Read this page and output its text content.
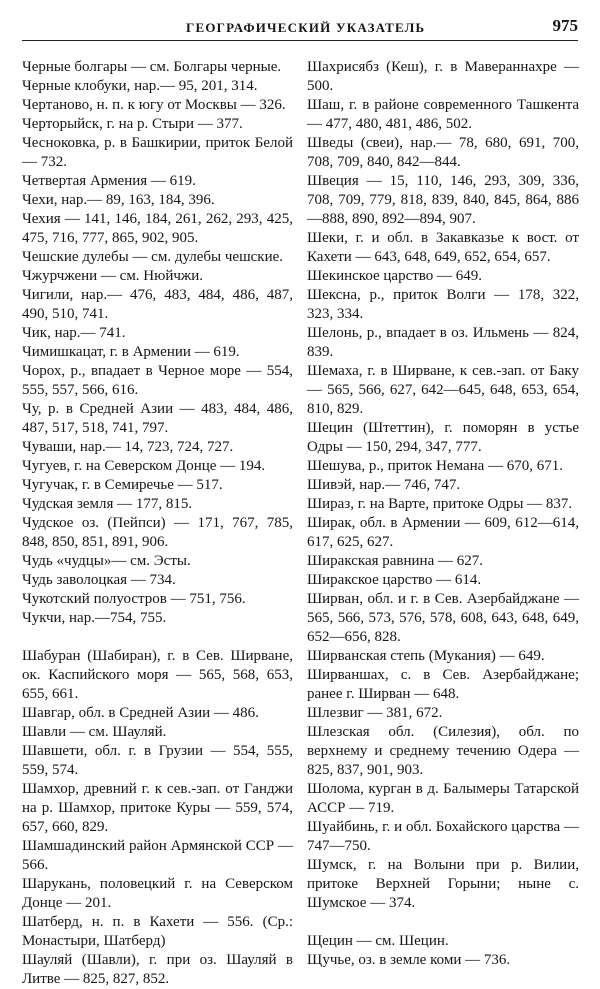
ГЕОГРАФИЧЕСКИЙ УКАЗАТЕЛЬ	975

Черные болгары — см. Болгары черные.

Черные клобуки, нар.— 95, 201, 314.

Чертаново, н. п. к югу от Москвы — 326.

Черторыйск, г. на р. Стыри — 377.

Чесноковка, р. в Башкирии, приток Белой — 732.

Четвертая Армения — 619.

Чехи, нар.— 89, 163, 184, 396.

Чехия — 141, 146, 184, 261, 262, 293, 425, 475, 716, 777, 865, 902, 905.

Чешские дулебы — см. дулебы чешские.

Чжурчжени — см. Нюйчжи.

Чигили, нар.— 476, 483, 484, 486, 487, 490, 510, 741.

Чик, нар.— 741.

Чимишкацат, г. в Армении — 619.

Чорох, р., впадает в Черное море — 554, 555, 557, 566, 616.

Чу, р. в Средней Азии — 483, 484, 486, 487, 517, 518, 741, 797.

Чуваши, нар.— 14, 723, 724, 727.

Чугуев, г. на Северском Донце — 194.

Чугучак, г. в Семиречье — 517.

Чудская земля — 177, 815.

Чудское оз. (Пейпси) — 171, 767, 785, 848, 850, 851, 891, 906.

Чудь «чудцы»— см. Эсты.

Чудь заволоцкая — 734.

Чукотский полуостров — 751, 756.

Чукчи, нар.—754, 755.

Шабуран (Шабиран), г. в Сев. Ширване, ок. Каспийского моря — 565, 568, 653, 655, 661.

Шавгар, обл. в Средней Азии — 486.

Шавли — см. Шауляй.

Шавшети, обл. г. в Грузии — 554, 555, 559, 574.

Шамхор, древний г. к сев.-зап. от Ганджи на р. Шамхор, притоке Куры — 559, 574, 657, 660, 829.

Шамшадинский район Армянской ССР —566.

Шарукань, половецкий г. на Северском Донце — 201.

Шатберд, н. п. в Кахети — 556. (Ср.: Монастыри, Шатберд)

Шауляй (Шавли), г. при оз. Шауляй в Литве — 825, 827, 852.

Шахрисябз (Кеш), г. в Мавераннахре — 500.

Шаш, г. в районе современного Ташкента — 477, 480, 481, 486, 502.

Шведы (свеи), нар.— 78, 680, 691, 700, 708, 709, 840, 842—844.

Швеция — 15, 110, 146, 293, 309, 336, 708, 709, 779, 818, 839, 840, 845, 864, 886—888, 890, 892—894, 907.

Шеки, г. и обл. в Закавказье к вост. от Кахети — 643, 648, 649, 652, 654, 657.

Шекинское царство — 649.

Шексна, р., приток Волги — 178, 322, 323, 334.

Шелонь, р., впадает в оз. Ильмень — 824, 839.

Шемаха, г. в Ширване, к сев.-зап. от Баку — 565, 566, 627, 642—645, 648, 653, 654, 810, 829.

Шецин (Штеттин), г. поморян в устье Одры — 150, 294, 347, 777.

Шешува, р., приток Немана — 670, 671.

Шивэй, нар.— 746, 747.

Шираз, г. на Варте, притоке Одры — 837.

Ширак, обл. в Армении — 609, 612—614, 617, 625, 627.

Ширакская равнина — 627.

Ширакское царство — 614.

Ширван, обл. и г. в Сев. Азербайджане — 565, 566, 573, 576, 578, 608, 643, 648, 649, 652—656, 828.

Ширванская степь (Мукания) — 649.

Ширваншах, с. в Сев. Азербайджане; ранее г. Ширван — 648.

Шлезвиг — 381, 672.

Шлезская обл. (Силезия), обл. по верхнему и среднему течению Одера — 825, 837, 901, 903.

Шолома, курган в д. Балымеры Татарской АССР — 719.

Шуайбинь, г. и обл. Бохайского царства — 747—750.

Шумск, г. на Волыни при р. Вилии, притоке Верхней Горыни; ныне с. Шумское — 374.

Щецин — см. Шецин.

Щучье, оз. в земле коми — 736.
